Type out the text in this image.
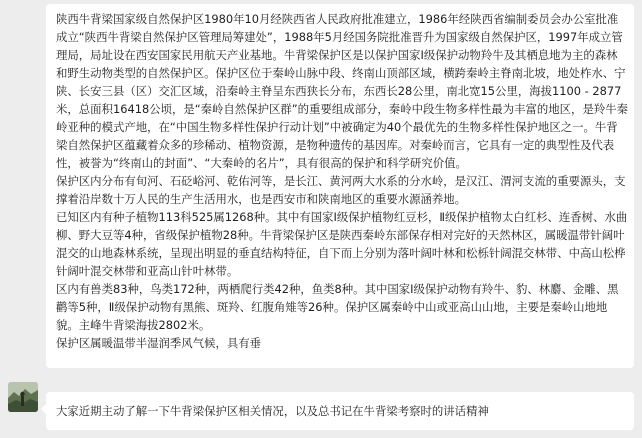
陕西牛背梁国家级自然保护区1980年10月经陕西省人民政府批准建立，1986年经陕西省编制委员会办公室批准成立“陕西牛背梁自然保护区管理局筹建处”，1988年5月经国务院批准晋升为国家级自然保护区，1997年成立管理局，局址设在西安国家民用航天产业基地。牛背梁保护区是以保护国家Ⅰ级保护动物羚牛及其栖息地为主的森林和野生动物类型的自然保护区。保护区位于秦岭山脉中段、终南山顶部区域，横跨秦岭主脊南北坡，地处柞水、宁陕、长安三县（区）交汇区域，沿秦岭主脊呈东西狭长分布，东西长28公里，南北宽15公里，海拔1100 - 2877米，总面积16418公顷，是“秦岭自然保护区群”的重要组成部分，秦岭中段生物多样性最为丰富的地区，是羚牛秦岭亚种的模式产地，在“中国生物多样性保护行动计划”中被确定为40个最优先的生物多样性保护地区之一。牛背梁自然保护区蕴藏着众多的珍稀动、植物资源，是物种遗传的基因库。对秦岭而言，它具有一定的典型性及代表性，被誉为“终南山的封面”、“大秦岭的名片”，具有很高的保护和科学研究价值。

保护区内分布有旬河、石砭峪河、乾佑河等，是长江、黄河两大水系的分水岭，是汉江、渭河支流的重要源头，支撑着沿岸数十万人民的生产生活用水，也是西安市和陕南地区的重要水源涵养地。

已知区内有种子植物113科525属1268种。其中有国家Ⅰ级保护植物红豆杉，Ⅱ级保护植物太白红杉、连香树、水曲柳、野大豆等4种，省级保护植物28种。牛背梁保护区是陕西秦岭东部保存相对完好的天然林区，属暖温带针阔叶混交的山地森林系统，呈现出明显的垂直结构特征，自下而上分别为落叶阔叶林和松栎针阔混交林带、中高山松桦针阔叶混交林带和亚高山针叶林带。

区内有兽类83种，鸟类172种，两栖爬行类42种，鱼类8种。其中国家Ⅰ级保护动物有羚牛、豹、林麝、金雕、黑鹳等5种，Ⅱ级保护动物有黑熊、斑羚、红腹角雉等26种。保护区属秦岭中山或亚高山山地，主要是秦岭山地地貌。主峰牛背梁海拔2802米。

保护区属暖温带半湿润季风气候，具有垂

大家近期主动了解一下牛背梁保护区相关情况，以及总书记在牛背梁考察时的讲话精神
